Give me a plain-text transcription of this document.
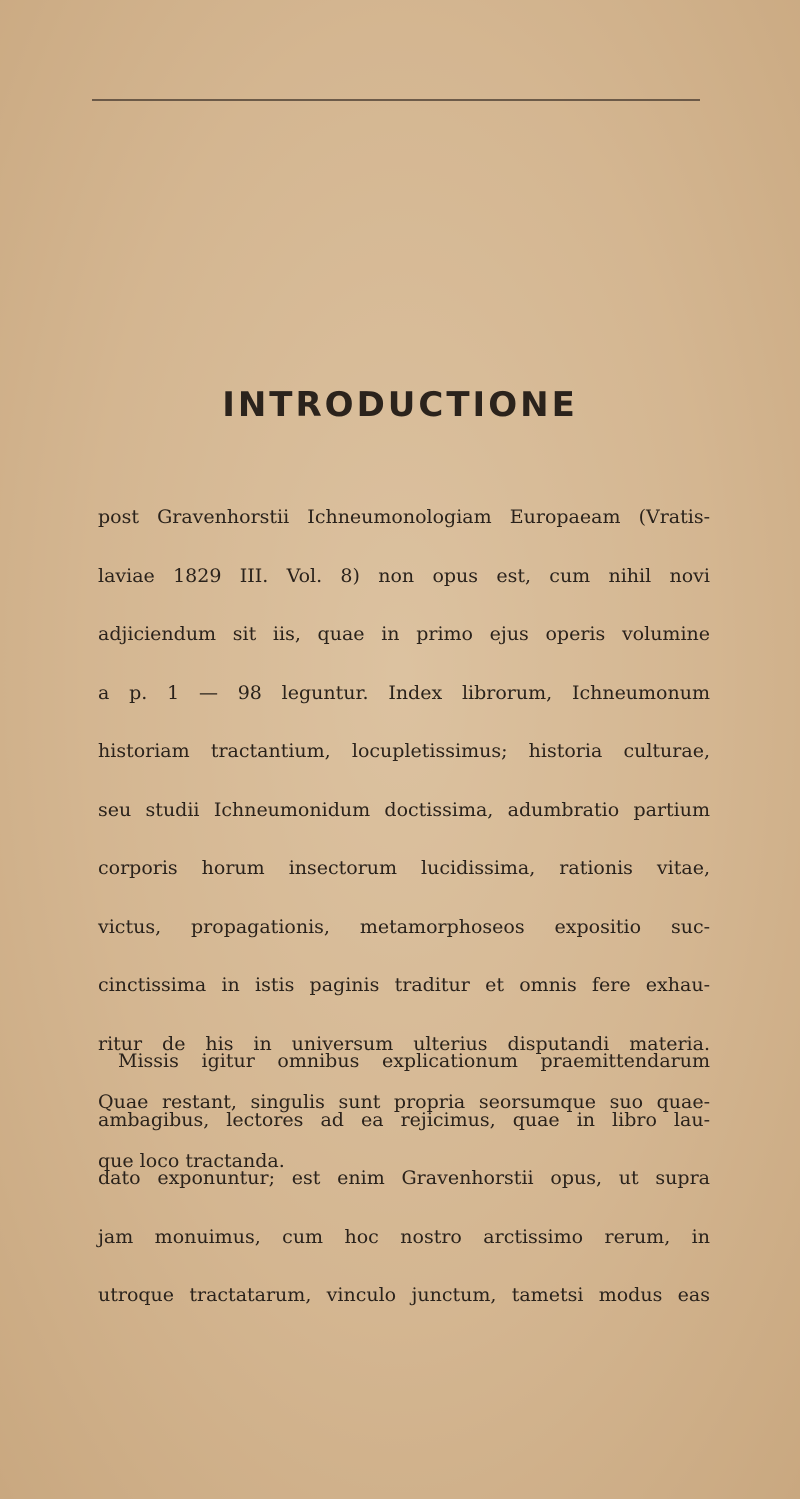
INTRODUCTIONE
post Gravenhorstii Ichneumonologiam Europaeam (Vratis-
laviae 1829 III. Vol. 8) non opus est, cum nihil novi
adjiciendum sit iis, quae in primo ejus operis volumine
a p. 1 — 98 leguntur. Index librorum, Ichneumonum
historiam tractantium, locupletissimus; historia culturae,
seu studii Ichneumonidum doctissima, adumbratio partium
corporis horum insectorum lucidissima, rationis vitae,
victus, propagationis, metamorphoseos expositio suc-
cinctissima in istis paginis traditur et omnis fere exhau-
ritur de his in universum ulterius disputandi materia.
Quae restant, singulis sunt propria seorsumque suo quae-
que loco tractanda.
Missis igitur omnibus explicationum praemittendarum
ambagibus, lectores ad ea rejicimus, quae in libro lau-
dato exponuntur; est enim Gravenhorstii opus, ut supra
jam monuimus, cum hoc nostro arctissimo rerum, in
utroque tractatarum, vinculo junctum, tametsi modus eas
